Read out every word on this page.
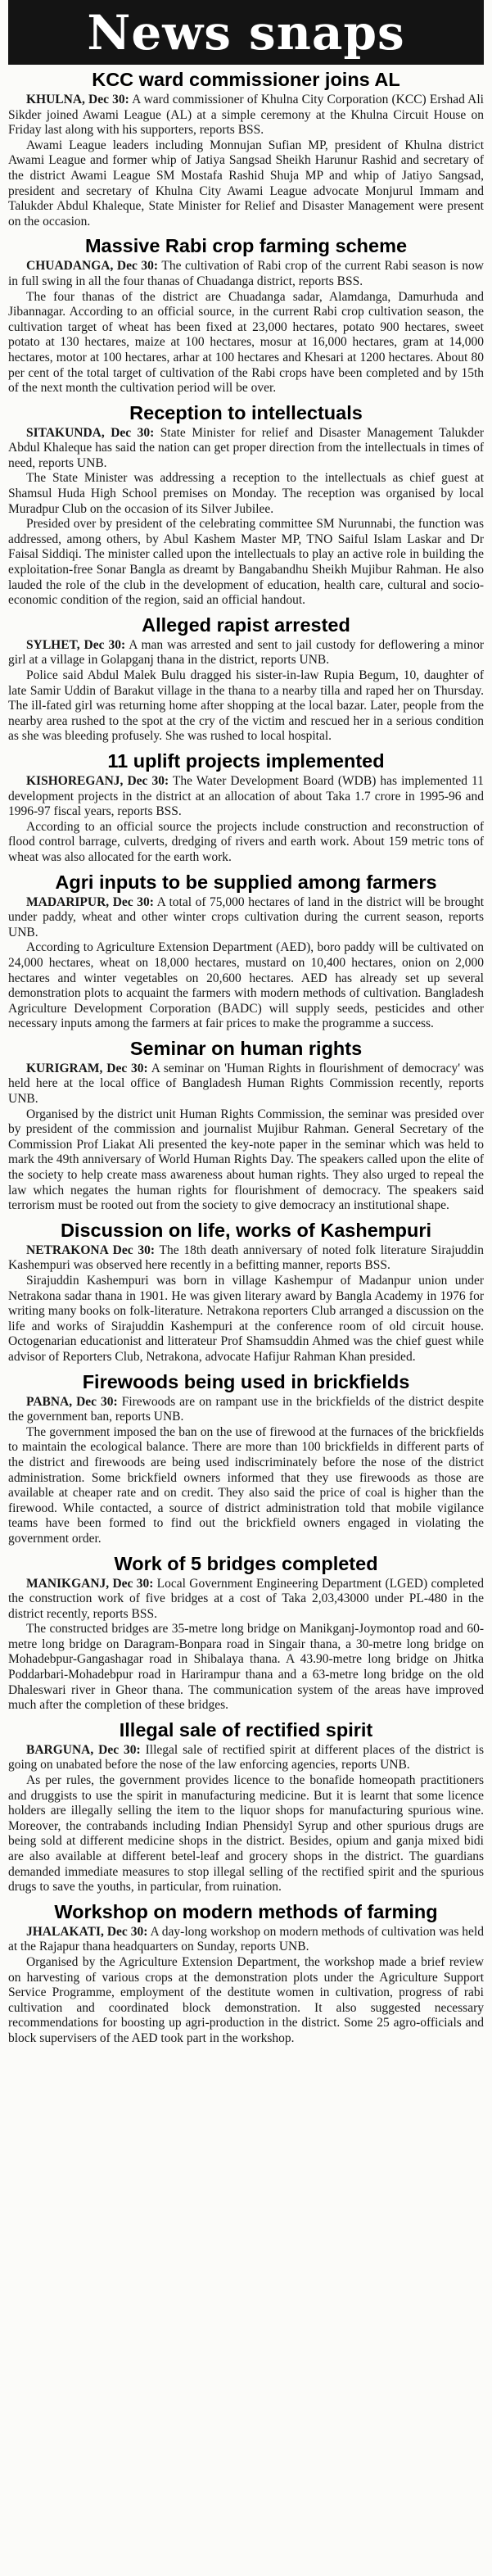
News snaps
KCC ward commissioner joins AL

KHULNA, Dec 30: A ward commissioner of Khulna City Corporation (KCC) Ershad Ali Sikder joined Awami League (AL) at a simple ceremony at the Khulna Circuit House on Friday last along with his supporters, reports BSS.

Awami League leaders including Monnujan Sufian MP, president of Khulna district Awami League and former whip of Jatiya Sangsad Sheikh Harunur Rashid and secretary of the district Awami League SM Mostafa Rashid Shuja MP and whip of Jatiyo Sangsad, president and secretary of Khulna City Awami League advocate Monjurul Immam and Talukder Abdul Khaleque, State Minister for Relief and Disaster Management were present on the occasion.

Massive Rabi crop farming scheme

CHUADANGA, Dec 30: The cultivation of Rabi crop of the current Rabi season is now in full swing in all the four thanas of Chuadanga district, reports BSS.

The four thanas of the district are Chuadanga sadar, Alamdanga, Damurhuda and Jibannagar. According to an official source, in the current Rabi crop cultivation season, the cultivation target of wheat has been fixed at 23,000 hectares, potato 900 hectares, sweet potato at 130 hectares, maize at 100 hectares, mosur at 16,000 hectares, gram at 14,000 hectares, motor at 100 hectares, arhar at 100 hectares and Khesari at 1200 hectares. About 80 per cent of the total target of cultivation of the Rabi crops have been completed and by 15th of the next month the cultivation period will be over.

Reception to intellectuals

SITAKUNDA, Dec 30: State Minister for relief and Disaster Management Talukder Abdul Khaleque has said the nation can get proper direction from the intellectuals in times of need, reports UNB.

The State Minister was addressing a reception to the intellectuals as chief guest at Shamsul Huda High School premises on Monday. The reception was organised by local Muradpur Club on the occasion of its Silver Jubilee.

Presided over by president of the celebrating committee SM Nurunnabi, the function was addressed, among others, by Abul Kashem Master MP, TNO Saiful Islam Laskar and Dr Faisal Siddiqi. The minister called upon the intellectuals to play an active role in building the exploitation-free Sonar Bangla as dreamt by Bangabandhu Sheikh Mujibur Rahman. He also lauded the role of the club in the development of education, health care, cultural and socio-economic condition of the region, said an official handout.

Alleged rapist arrested

SYLHET, Dec 30: A man was arrested and sent to jail custody for deflowering a minor girl at a village in Golapganj thana in the district, reports UNB.

Police said Abdul Malek Bulu dragged his sister-in-law Rupia Begum, 10, daughter of late Samir Uddin of Barakut village in the thana to a nearby tilla and raped her on Thursday. The ill-fated girl was returning home after shopping at the local bazar. Later, people from the nearby area rushed to the spot at the cry of the victim and rescued her in a serious condition as she was bleeding profusely. She was rushed to local hospital.

11 uplift projects implemented

KISHOREGANJ, Dec 30: The Water Development Board (WDB) has implemented 11 development projects in the district at an allocation of about Taka 1.7 crore in 1995-96 and 1996-97 fiscal years, reports BSS.

According to an official source the projects include construction and reconstruction of flood control barrage, culverts, dredging of rivers and earth work. About 159 metric tons of wheat was also allocated for the earth work.

Agri inputs to be supplied among farmers

MADARIPUR, Dec 30: A total of 75,000 hectares of land in the district will be brought under paddy, wheat and other winter crops cultivation during the current season, reports UNB.

According to Agriculture Extension Department (AED), boro paddy will be cultivated on 24,000 hectares, wheat on 18,000 hectares, mustard on 10,400 hectares, onion on 2,000 hectares and winter vegetables on 20,600 hectares. AED has already set up several demonstration plots to acquaint the farmers with modern methods of cultivation. Bangladesh Agriculture Development Corporation (BADC) will supply seeds, pesticides and other necessary inputs among the farmers at fair prices to make the programme a success.

Seminar on human rights

KURIGRAM, Dec 30: A seminar on 'Human Rights in flourishment of democracy' was held here at the local office of Bangladesh Human Rights Commission recently, reports UNB.

Organised by the district unit Human Rights Commission, the seminar was presided over by president of the commission and journalist Mujibur Rahman. General Secretary of the Commission Prof Liakat Ali presented the key-note paper in the seminar which was held to mark the 49th anniversary of World Human Rights Day. The speakers called upon the elite of the society to help create mass awareness about human rights. They also urged to repeal the law which negates the human rights for flourishment of democracy. The speakers said terrorism must be rooted out from the society to give democracy an institutional shape.

Discussion on life, works of Kashempuri

NETRAKONA Dec 30: The 18th death anniversary of noted folk literature Sirajuddin Kashempuri was observed here recently in a befitting manner, reports BSS.

Sirajuddin Kashempuri was born in village Kashempur of Madanpur union under Netrakona sadar thana in 1901. He was given literary award by Bangla Academy in 1976 for writing many books on folk-literature. Netrakona reporters Club arranged a discussion on the life and works of Sirajuddin Kashempuri at the conference room of old circuit house. Octogenarian educationist and litterateur Prof Shamsuddin Ahmed was the chief guest while advisor of Reporters Club, Netrakona, advocate Hafijur Rahman Khan presided.

Firewoods being used in brickfields

PABNA, Dec 30: Firewoods are on rampant use in the brickfields of the district despite the government ban, reports UNB.

The government imposed the ban on the use of firewood at the furnaces of the brickfields to maintain the ecological balance. There are more than 100 brickfields in different parts of the district and firewoods are being used indiscriminately before the nose of the district administration. Some brickfield owners informed that they use firewoods as those are available at cheaper rate and on credit. They also said the price of coal is higher than the firewood. While contacted, a source of district administration told that mobile vigilance teams have been formed to find out the brickfield owners engaged in violating the government order.

Work of 5 bridges completed

MANIKGANJ, Dec 30: Local Government Engineering Department (LGED) completed the construction work of five bridges at a cost of Taka 2,03,43000 under PL-480 in the district recently, reports BSS.

The constructed bridges are 35-metre long bridge on Manikganj-Joymontop road and 60-metre long bridge on Daragram-Bonpara road in Singair thana, a 30-metre long bridge on Mohadebpur-Gangashagar road in Shibalaya thana. A 43.90-metre long bridge on Jhitka Poddarbari-Mohadebpur road in Harirampur thana and a 63-metre long bridge on the old Dhaleswari river in Gheor thana. The communication system of the areas have improved much after the completion of these bridges.

Illegal sale of rectified spirit

BARGUNA, Dec 30: Illegal sale of rectified spirit at different places of the district is going on unabated before the nose of the law enforcing agencies, reports UNB.

As per rules, the government provides licence to the bonafide homeopath practitioners and druggists to use the spirit in manufacturing medicine. But it is learnt that some licence holders are illegally selling the item to the liquor shops for manufacturing spurious wine. Moreover, the contrabands including Indian Phensidyl Syrup and other spurious drugs are being sold at different medicine shops in the district. Besides, opium and ganja mixed bidi are also available at different betel-leaf and grocery shops in the district. The guardians demanded immediate measures to stop illegal selling of the rectified spirit and the spurious drugs to save the youths, in particular, from ruination.

Workshop on modern methods of farming

JHALAKATI, Dec 30: A day-long workshop on modern methods of cultivation was held at the Rajapur thana headquarters on Sunday, reports UNB.

Organised by the Agriculture Extension Department, the workshop made a brief review on harvesting of various crops at the demonstration plots under the Agriculture Support Service Programme, employment of the destitute women in cultivation, progress of rabi cultivation and coordinated block demonstration. It also suggested necessary recommendations for boosting up agri-production in the district. Some 25 agro-officials and block supervisers of the AED took part in the workshop.
